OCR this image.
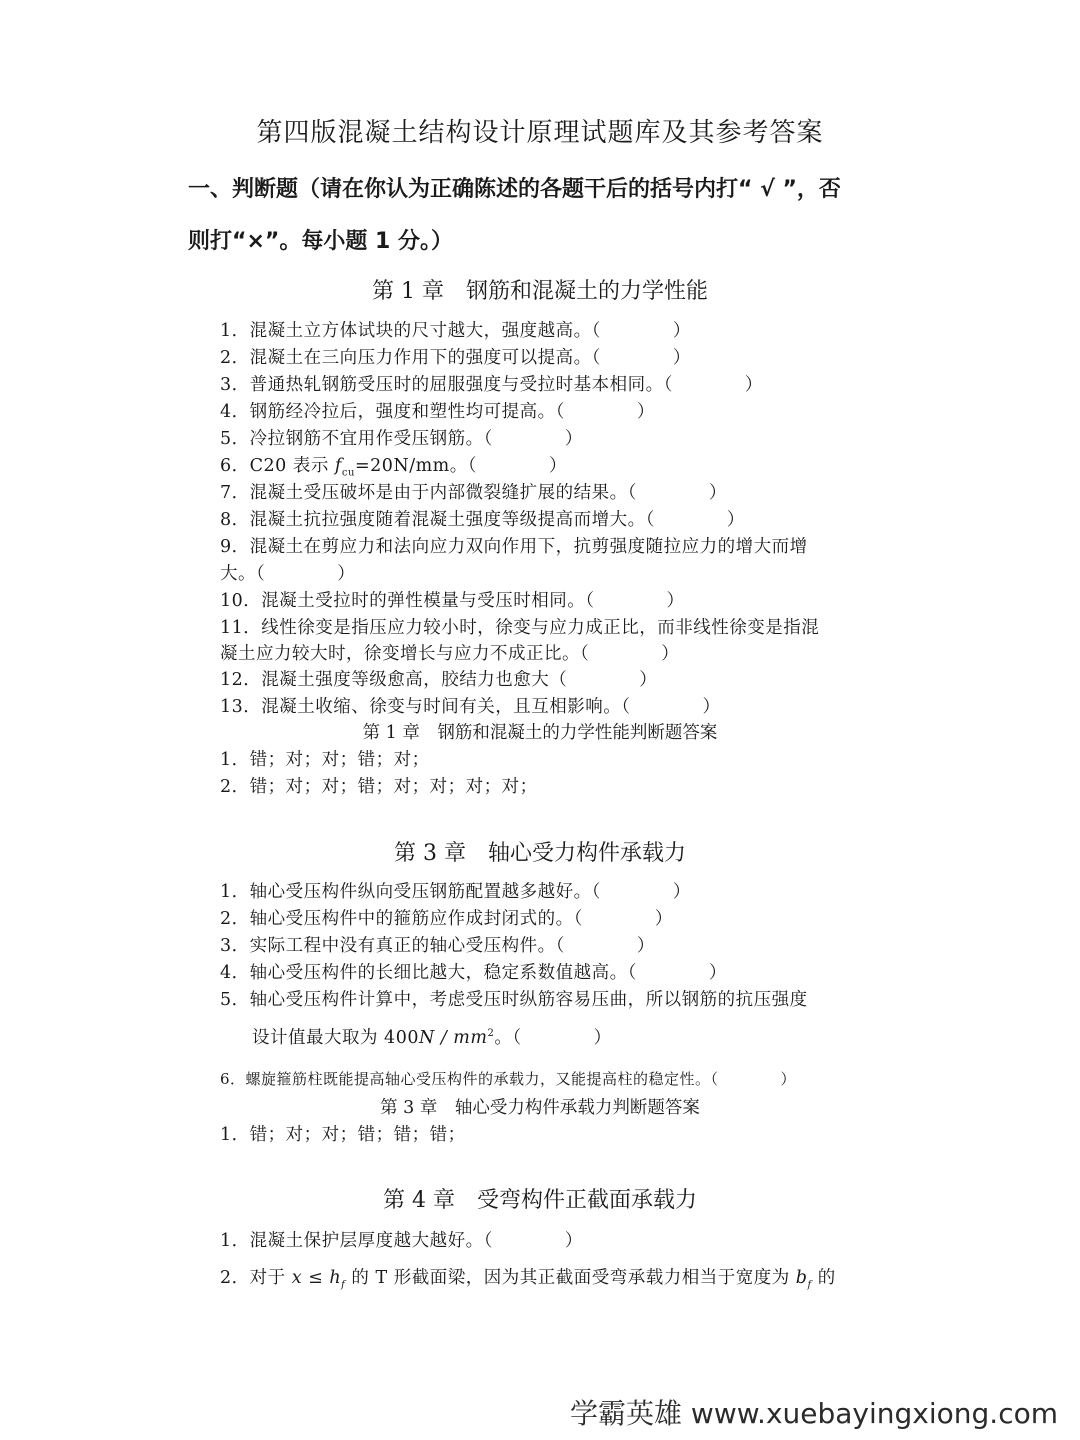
第四版混凝土结构设计原理试题库及其参考答案
一、判断题（请在你认为正确陈述的各题干后的括号内打“ √ ”，否
则打“×”。每小题 1 分。）
第 1 章　钢筋和混凝土的力学性能
1．混凝土立方体试块的尺寸越大，强度越高。（　　　　）
2．混凝土在三向压力作用下的强度可以提高。（　　　　）
3．普通热轧钢筋受压时的屈服强度与受拉时基本相同。（　　　　）
4．钢筋经冷拉后，强度和塑性均可提高。（　　　　）
5．冷拉钢筋不宜用作受压钢筋。（　　　　）
6．C20 表示 $f_{cu}=20N/mm$。（　　　　）
7．混凝土受压破坏是由于内部微裂缝扩展的结果。（　　　　）
8．混凝土抗拉强度随着混凝土强度等级提高而增大。（　　　　）
9．混凝土在剪应力和法向应力双向作用下，抗剪强度随拉应力的增大而增
大。（　　　　）
10．混凝土受拉时的弹性模量与受压时相同。（　　　　）
11．线性徐变是指压应力较小时，徐变与应力成正比，而非线性徐变是指混
凝土应力较大时，徐变增长与应力不成正比。（　　　　）
12．混凝土强度等级愈高，胶结力也愈大（　　　　）
13．混凝土收缩、徐变与时间有关，且互相影响。（　　　　）
第 1 章　钢筋和混凝土的力学性能判断题答案
1．错；对；对；错；对；
2．错；对；对；错；对；对；对；对；
第 3 章　轴心受力构件承载力
1．轴心受压构件纵向受压钢筋配置越多越好。（　　　　）
2．轴心受压构件中的箍筋应作成封闭式的。（　　　　）
3．实际工程中没有真正的轴心受压构件。（　　　　）
4．轴心受压构件的长细比越大，稳定系数值越高。（　　　　）
5．轴心受压构件计算中，考虑受压时纵筋容易压曲，所以钢筋的抗压强度
设计值最大取为 $400N / mm^2$。（　　　　）
6．螺旋箍筋柱既能提高轴心受压构件的承载力，又能提高柱的稳定性。（　　　　）
第 3 章　轴心受力构件承载力判断题答案
1．错；对；对；错；错；错；
第 4 章　受弯构件正截面承载力
1．混凝土保护层厚度越大越好。（　　　　）
2．对于 $x \le h_f$ 的 T 形截面梁，因为其正截面受弯承载力相当于宽度为 $b_f$ 的
学霸英雄 www.xuebayingxiong.com
